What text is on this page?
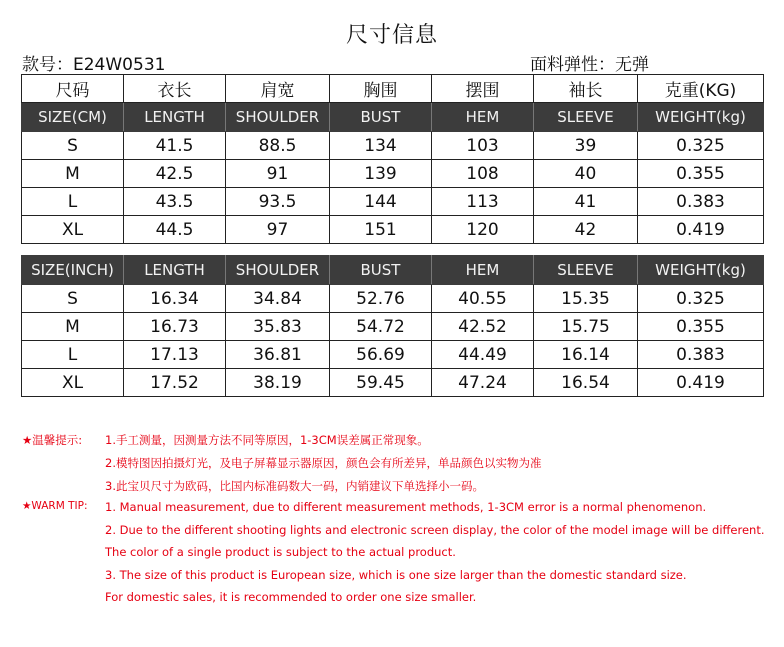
尺寸信息
款号：E24W0531	面料弹性：无弹
尺码	衣长	肩宽	胸围	摆围	袖长	克重(KG)
SIZE(CM)	LENGTH	SHOULDER	BUST	HEM	SLEEVE	WEIGHT(kg)
S	41.5	88.5	134	103	39	0.325
M	42.5	91	139	108	40	0.355
L	43.5	93.5	144	113	41	0.383
XL	44.5	97	151	120	42	0.419
SIZE(INCH)	LENGTH	SHOULDER	BUST	HEM	SLEEVE	WEIGHT(kg)
S	16.34	34.84	52.76	40.55	15.35	0.325
M	16.73	35.83	54.72	42.52	15.75	0.355
L	17.13	36.81	56.69	44.49	16.14	0.383
XL	17.52	38.19	59.45	47.24	16.54	0.419
★温馨提示: 1.手工测量，因测量方法不同等原因，1-3CM误差属正常现象。
2.模特图因拍摄灯光，及电子屏幕显示器原因，颜色会有所差异，单品颜色以实物为准
3.此宝贝尺寸为欧码，比国内标准码数大一码，内销建议下单选择小一码。
★WARM TIP: 1. Manual measurement, due to different measurement methods, 1-3CM error is a normal phenomenon.
2. Due to the different shooting lights and electronic screen display, the color of the model image will be different.
The color of a single product is subject to the actual product.
3. The size of this product is European size, which is one size larger than the domestic standard size.
For domestic sales, it is recommended to order one size smaller.
